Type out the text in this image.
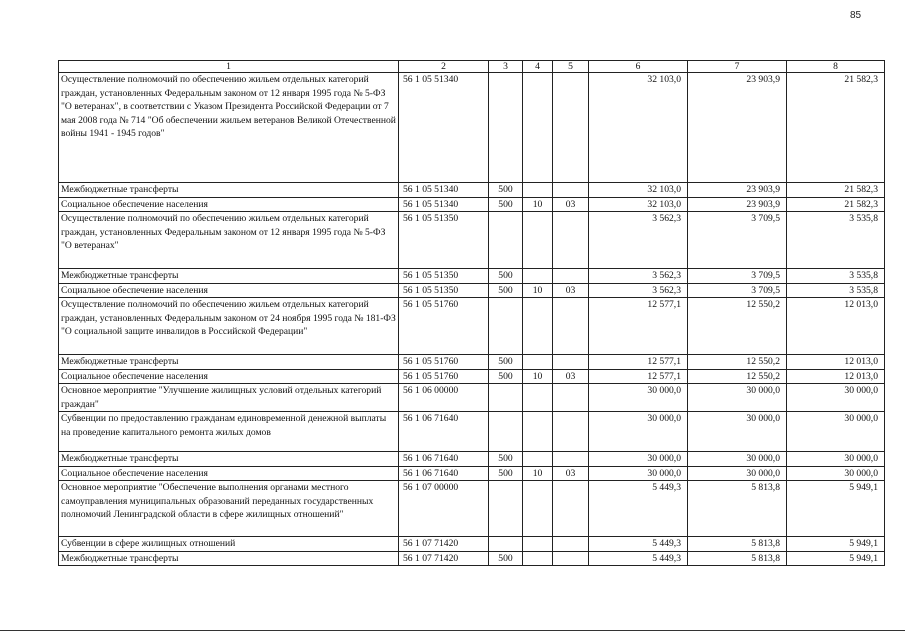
85
1	2	3	4	5	6	7	8
Осуществление полномочий по обеспечению жильем отдельных категорий граждан, установленных Федеральным законом от 12 января 1995 года № 5-ФЗ "О ветеранах", в соответствии с Указом Президента Российской Федерации от 7 мая 2008 года № 714 "Об обеспечении жильем ветеранов Великой Отечественной войны 1941 - 1945 годов"	56 1 05 51340				32 103,0	23 903,9	21 582,3
Межбюджетные трансферты	56 1 05 51340	500			32 103,0	23 903,9	21 582,3
Социальное обеспечение населения	56 1 05 51340	500	10	03	32 103,0	23 903,9	21 582,3
Осуществление полномочий по обеспечению жильем отдельных категорий граждан, установленных Федеральным законом от 12 января 1995 года № 5-ФЗ "О ветеранах"	56 1 05 51350				3 562,3	3 709,5	3 535,8
Межбюджетные трансферты	56 1 05 51350	500			3 562,3	3 709,5	3 535,8
Социальное обеспечение населения	56 1 05 51350	500	10	03	3 562,3	3 709,5	3 535,8
Осуществление полномочий по обеспечению жильем отдельных категорий граждан, установленных Федеральным законом от 24 ноября 1995 года № 181-ФЗ "О социальной защите инвалидов в Российской Федерации"	56 1 05 51760				12 577,1	12 550,2	12 013,0
Межбюджетные трансферты	56 1 05 51760	500			12 577,1	12 550,2	12 013,0
Социальное обеспечение населения	56 1 05 51760	500	10	03	12 577,1	12 550,2	12 013,0
Основное мероприятие "Улучшение жилищных условий отдельных категорий граждан"	56 1 06 00000				30 000,0	30 000,0	30 000,0
Субвенции по предоставлению гражданам единовременной денежной выплаты на проведение капитального ремонта жилых домов	56 1 06 71640				30 000,0	30 000,0	30 000,0
Межбюджетные трансферты	56 1 06 71640	500			30 000,0	30 000,0	30 000,0
Социальное обеспечение населения	56 1 06 71640	500	10	03	30 000,0	30 000,0	30 000,0
Основное мероприятие "Обеспечение выполнения органами местного самоуправления муниципальных образований переданных государственных полномочий Ленинградской области в сфере жилищных отношений"	56 1 07 00000				5 449,3	5 813,8	5 949,1
Субвенции в сфере жилищных отношений	56 1 07 71420				5 449,3	5 813,8	5 949,1
Межбюджетные трансферты	56 1 07 71420	500			5 449,3	5 813,8	5 949,1
